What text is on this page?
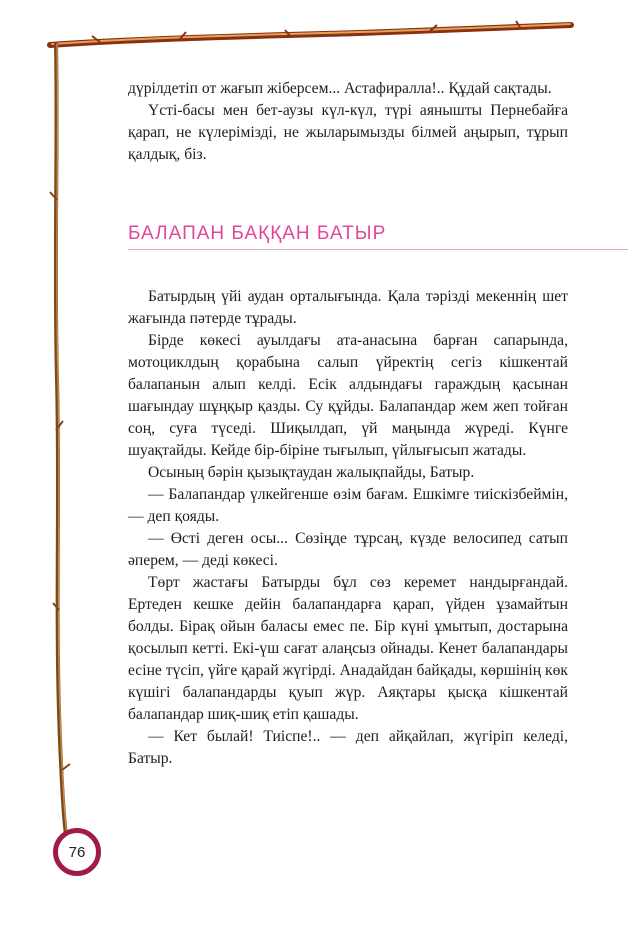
дүрілдетіп от жағып жіберсем... Астафиралла!.. Құдай сақтады.

Үсті-басы мен бет-аузы күл-күл, түрі аянышты Пернебайға қарап, не күлерімізді, не жыларымызды білмей аңырып, тұрып қалдық, біз.

БАЛАПАН БАҚҚАН БАТЫР

Батырдың үйі аудан орталығында. Қала тәрізді мекеннің шет жағында пәтерде тұрады.

Бірде көкесі ауылдағы ата-анасына барған сапарында, мотоциклдың қорабына салып үйректің сегіз кішкентай балапанын алып келді. Есік алдындағы гараждың қасынан шағындау шұңқыр қазды. Су құйды. Балапандар жем жеп тойған соң, суға түседі. Шиқылдап, үй маңында жүреді. Күнге шуақтайды. Кейде бір-біріне тығылып, үйлығысып жатады.

Осының бәрін қызықтаудан жалықпайды, Батыр.

— Балапандар үлкейгенше өзім бағам. Ешкімге тиіскізбеймін, — деп қояды.

— Өсті деген осы... Сөзіңде тұрсаң, күзде велосипед сатып әперем, — деді көкесі.

Төрт жастағы Батырды бұл сөз керемет нандырғандай. Ертеден кешке дейін балапандарға қарап, үйден ұзамайтын болды. Бірақ ойын баласы емес пе. Бір күні ұмытып, достарына қосылып кетті. Екі-үш сағат алаңсыз ойнады. Кенет балапандары есіне түсіп, үйге қарай жүгірді. Анадайдан байқады, көршінің көк күшігі балапандарды қуып жүр. Аяқтары қысқа кішкентай балапандар шиқ-шиқ етіп қашады.

— Кет былай! Тиіспе!.. — деп айқайлап, жүгіріп келеді, Батыр.

76
